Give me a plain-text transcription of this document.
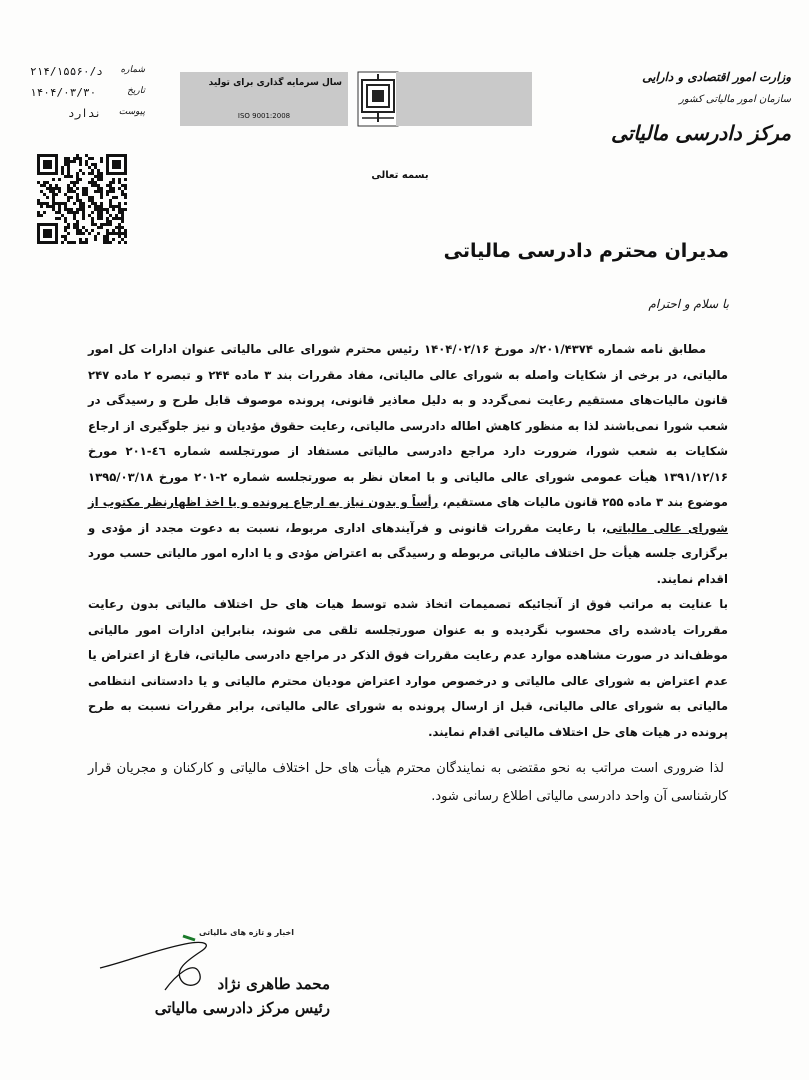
وزارت امور اقتصادی و دارایی
سازمان امور مالیاتی کشور
مرکز دادرسی مالیاتی
سال سرمایه گذاری برای تولید
ISO 9001:2008
بسمه تعالی
شماره
د/۲۱۴/۱۵۵۶۰
تاریخ
۱۴۰۴/۰۳/۳۰
پیوست
ندارد
مدیران محترم دادرسی مالیاتی
با سلام و احترام

مطابق نامه شماره ۲۰۱/۴۳۷۴/د مورخ ۱۴۰۴/۰۲/۱۶ رئیس محترم شورای عالی مالیاتی عنوان ادارات کل امور مالیاتی، در برخی از شکایات واصله به شورای عالی مالیاتی، مفاد مقررات بند ۳ ماده ۲۴۴ و تبصره ۲ ماده ۲۴۷ قانون مالیات‌های مستقیم رعایت نمی‌گردد و به دلیل معاذیر قانونی، پرونده موصوف قابل طرح و رسیدگی در شعب شورا نمی‌باشند لذا به منظور کاهش اطاله دادرسی مالیاتی، رعایت حقوق مؤدیان و نیز جلوگیری از ارجاع شکایات به شعب شورا، ضرورت دارد مراجع دادرسی مالیاتی مستفاد از صورتجلسه شماره ٤٦-۲۰۱ مورخ ۱۳۹۱/۱۲/۱۶ هیأت عمومی شورای عالی مالیاتی و با امعان نظر به صورتجلسه شماره ۲-۲۰۱ مورخ ۱۳۹۵/۰۳/۱۸ موضوع بند ۳ ماده ۲۵۵ قانون مالیات های مستقیم، رأساً و بدون نیاز به ارجاع پرونده و یا اخذ اظهارنظر مکتوب از شورای عالی مالیاتی، با رعایت مقررات قانونی و فرآیندهای اداری مربوط، نسبت به دعوت مجدد از مؤدی و برگزاری جلسه هیأت حل اختلاف مالیاتی مربوطه و رسیدگی به اعتراض مؤدی و یا اداره امور مالیاتی حسب مورد اقدام نمایند.

با عنایت به مراتب فوق از آنجائیکه تصمیمات اتخاذ شده توسط هیات های حل اختلاف مالیاتی بدون رعایت مقررات یادشده رای محسوب نگردیده و به عنوان صورتجلسه تلقی می شوند، بنابراین ادارات امور مالیاتی موظف‌اند در صورت مشاهده موارد عدم رعایت مقررات فوق الذکر در مراجع دادرسی مالیاتی، فارغ از اعتراض یا عدم اعتراض به شورای عالی مالیاتی و درخصوص موارد اعتراض مودیان محترم مالیاتی و یا دادستانی انتظامی مالیاتی به شورای عالی مالیاتی، قبل از ارسال پرونده به شورای عالی مالیاتی، برابر مقررات نسبت به طرح پرونده در هیات های حل اختلاف مالیاتی اقدام نمایند.

لذا ضروری است مراتب به نحو مقتضی به نمایندگان محترم هیأت های حل اختلاف مالیاتی و کارکنان و مجریان قرار کارشناسی آن واحد دادرسی مالیاتی اطلاع رسانی شود.

اخبار و تازه های مالیاتی
محمد طاهری نژاد
رئیس مرکز دادرسی مالیاتی
